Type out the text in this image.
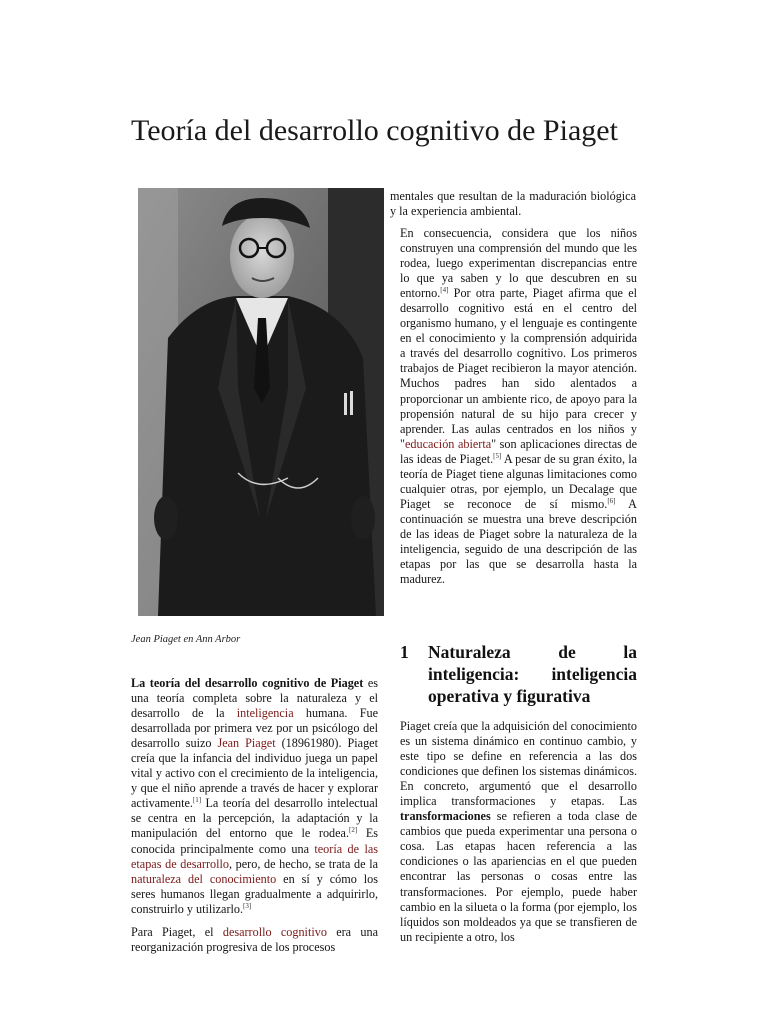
Teoría del desarrollo cognitivo de Piaget
Jean Piaget en Ann Arbor

La teoría del desarrollo cognitivo de Piaget es una teoría completa sobre la naturaleza y el desarrollo de la inteligencia humana. Fue desarrollada por primera vez por un psicólogo del desarrollo suizo Jean Piaget (18961980). Piaget creía que la infancia del individuo juega un papel vital y activo con el crecimiento de la inteligencia, y que el niño aprende a través de hacer y explorar activamente.[1] La teoría del desarrollo intelectual se centra en la percepción, la adaptación y la manipulación del entorno que le rodea.[2] Es conocida principalmente como una teoría de las etapas de desarrollo, pero, de hecho, se trata de la naturaleza del conocimiento en sí y cómo los seres humanos llegan gradualmente a adquirirlo, construirlo y utilizarlo.[3]

Para Piaget, el desarrollo cognitivo era una reorganización progresiva de los procesos

mentales que resultan de la maduración biológica y la experiencia ambiental.

En consecuencia, considera que los niños construyen una comprensión del mundo que les rodea, luego experimentan discrepancias entre lo que ya saben y lo que descubren en su entorno.[4] Por otra parte, Piaget afirma que el desarrollo cognitivo está en el centro del organismo humano, y el lenguaje es contingente en el conocimiento y la comprensión adquirida a través del desarrollo cognitivo. Los primeros trabajos de Piaget recibieron la mayor atención. Muchos padres han sido alentados a proporcionar un ambiente rico, de apoyo para la propensión natural de su hijo para crecer y aprender. Las aulas centrados en los niños y "educación abierta" son aplicaciones directas de las ideas de Piaget.[5] A pesar de su gran éxito, la teoría de Piaget tiene algunas limitaciones como cualquier otras, por ejemplo, un Decalage que Piaget se reconoce de sí mismo.[6] A continuación se muestra una breve descripción de las ideas de Piaget sobre la naturaleza de la inteligencia, seguido de una descripción de las etapas por las que se desarrolla hasta la madurez.

1 Naturaleza de la inteligencia: inteligencia operativa y figurativa

Piaget creía que la adquisición del conocimiento es un sistema dinámico en continuo cambio, y este tipo se define en referencia a las dos condiciones que definen los sistemas dinámicos. En concreto, argumentó que el desarrollo implica transformaciones y etapas. Las transformaciones se refieren a toda clase de cambios que pueda experimentar una persona o cosa. Las etapas hacen referencia a las condiciones o las apariencias en el que pueden encontrar las personas o cosas entre las transformaciones. Por ejemplo, puede haber cambio en la silueta o la forma (por ejemplo, los líquidos son moldeados ya que se transfieren de un recipiente a otro, los
